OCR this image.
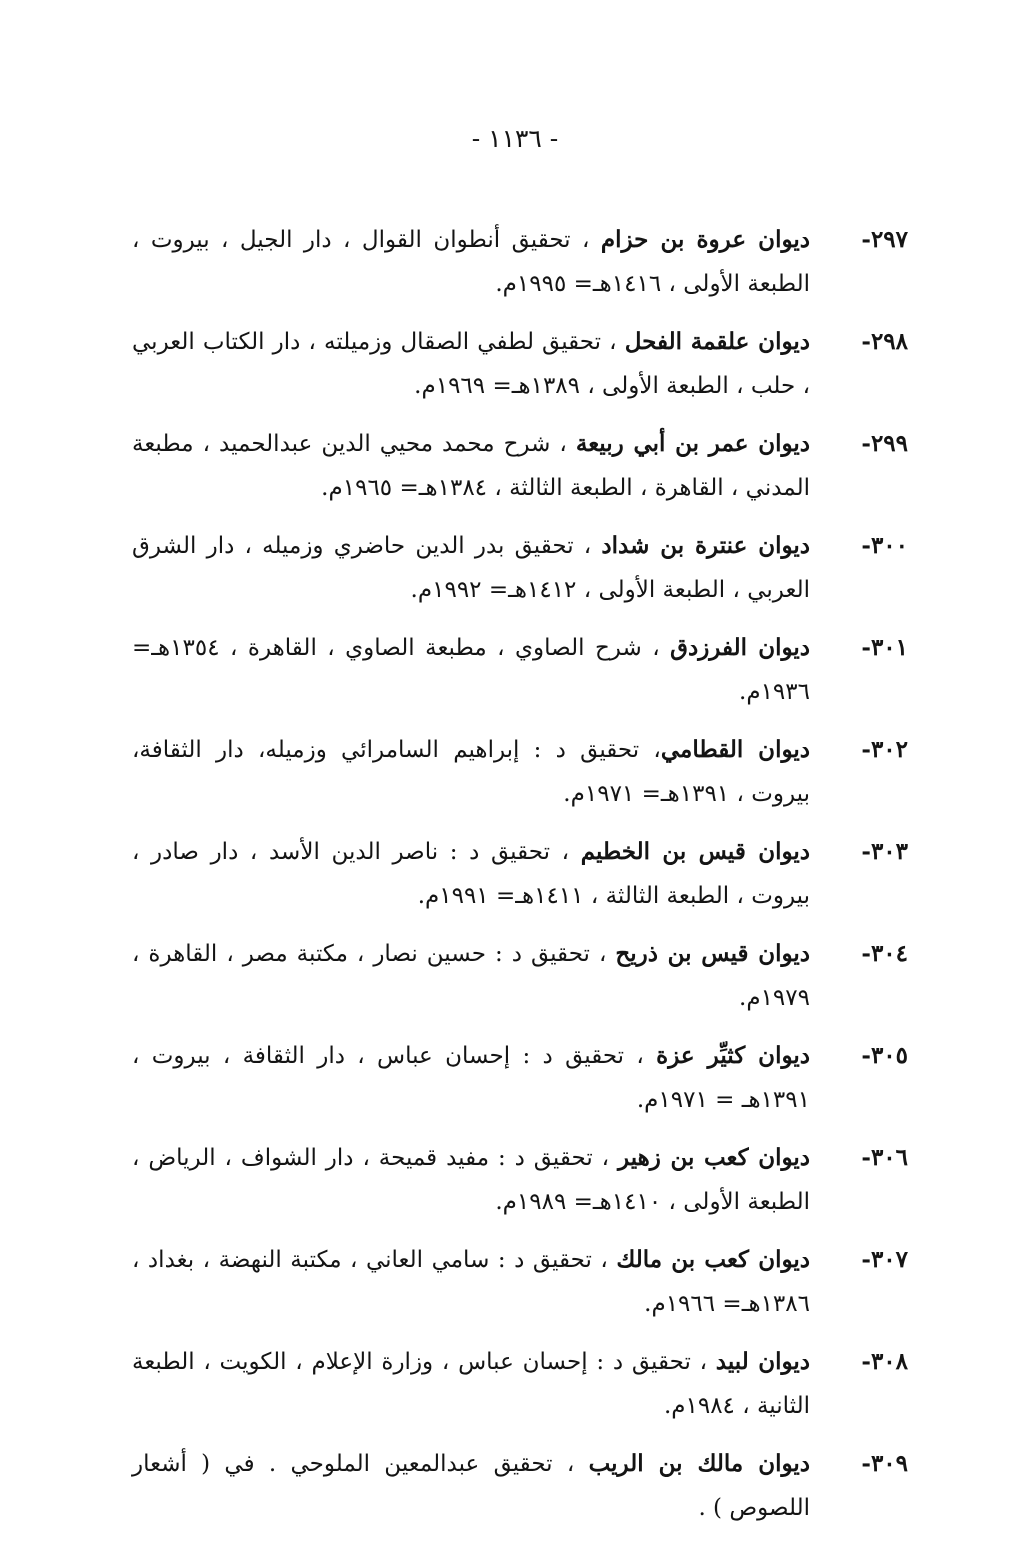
- ١١٣٦ -
٢٩٧-
ديوان عروة بن حزام ، تحقيق أنطوان القوال ، دار الجيل ، بيروت ، الطبعة الأولى ، ١٤١٦هـ= ١٩٩٥م.
٢٩٨-
ديوان علقمة الفحل ، تحقيق لطفي الصقال وزميلته ، دار الكتاب العربي ، حلب ، الطبعة الأولى ، ١٣٨٩هـ= ١٩٦٩م.
٢٩٩-
ديوان عمر بن أبي ربيعة ، شرح محمد محيي الدين عبدالحميد ، مطبعة المدني ، القاهرة ، الطبعة الثالثة ، ١٣٨٤هـ= ١٩٦٥م.
٣٠٠-
ديوان عنترة بن شداد ، تحقيق بدر الدين حاضري وزميله ، دار الشرق العربي ، الطبعة الأولى ، ١٤١٢هـ= ١٩٩٢م.
٣٠١-
ديوان الفرزدق ، شرح الصاوي ، مطبعة الصاوي ، القاهرة ، ١٣٥٤هـ= ١٩٣٦م.
٣٠٢-
ديوان القطامي، تحقيق د : إبراهيم السامرائي وزميله، دار الثقافة، بيروت ، ١٣٩١هـ= ١٩٧١م.
٣٠٣-
ديوان قيس بن الخطيم ، تحقيق د : ناصر الدين الأسد ، دار صادر ، بيروت ، الطبعة الثالثة ، ١٤١١هـ= ١٩٩١م.
٣٠٤-
ديوان قيس بن ذريح ، تحقيق د : حسين نصار ، مكتبة مصر ، القاهرة ، ١٩٧٩م.
٣٠٥-
ديوان كثيِّر عزة ، تحقيق د : إحسان عباس ، دار الثقافة ، بيروت ، ١٣٩١هـ = ١٩٧١م.
٣٠٦-
ديوان كعب بن زهير ، تحقيق د : مفيد قميحة ، دار الشواف ، الرياض ، الطبعة الأولى ، ١٤١٠هـ= ١٩٨٩م.
٣٠٧-
ديوان كعب بن مالك ، تحقيق د : سامي العاني ، مكتبة النهضة ، بغداد ، ١٣٨٦هـ= ١٩٦٦م.
٣٠٨-
ديوان لبيد ، تحقيق د : إحسان عباس ، وزارة الإعلام ، الكويت ، الطبعة الثانية ، ١٩٨٤م.
٣٠٩-
ديوان مالك بن الريب ، تحقيق عبدالمعين الملوحي . في ( أشعار اللصوص ) .
